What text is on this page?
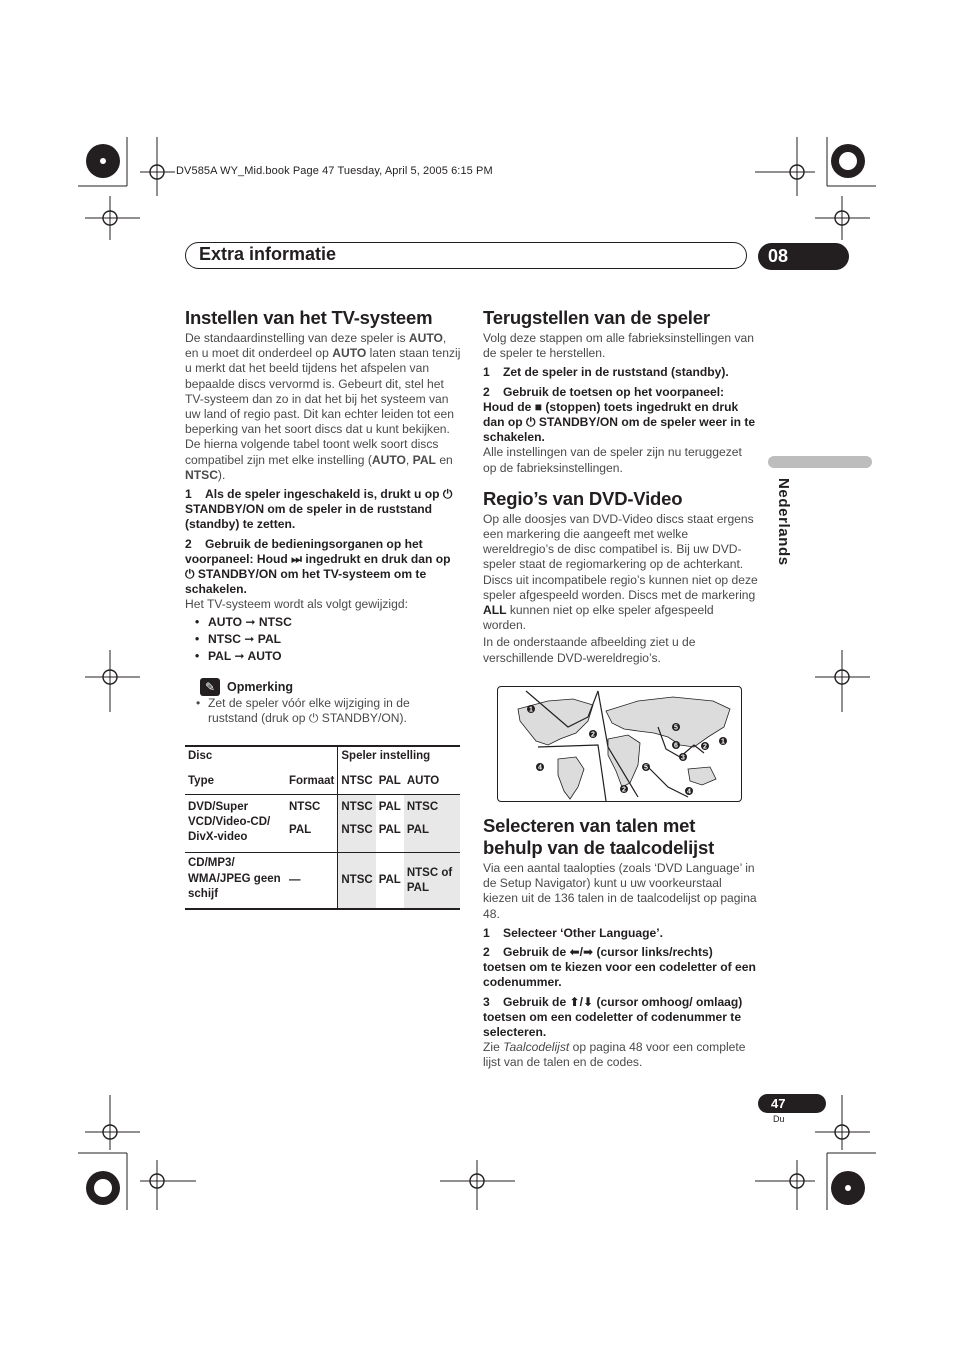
DV585A WY_Mid.book Page 47 Tuesday, April 5, 2005 6:15 PM
Extra informatie	08
Nederlands
Instellen van het TV-systeem

De standaardinstelling van deze speler is AUTO, en u moet dit onderdeel op AUTO laten staan tenzij u merkt dat het beeld tijdens het afspelen van bepaalde discs vervormd is. Gebeurt dit, stel het TV-systeem dan zo in dat het bij het systeem van uw land of regio past. Dit kan echter leiden tot een beperking van het soort discs dat u kunt bekijken. De hierna volgende tabel toont welk soort discs compatibel zijn met elke instelling (AUTO, PAL en NTSC).

1 Als de speler ingeschakeld is, drukt u op ⏻ STANDBY/ON om de speler in de ruststand (standby) te zetten.

2 Gebruik de bedieningsorganen op het voorpaneel: Houd ⏭ ingedrukt en druk dan op ⏻ STANDBY/ON om het TV-systeem om te schakelen.

Het TV-systeem wordt als volgt gewijzigd:

• AUTO ➞ NTSC
• NTSC ➞ PAL
• PAL ➞ AUTO
✎ Opmerking

• Zet de speler vóór elke wijziging in de ruststand (druk op ⏻ STANDBY/ON).

Disc		Speler instelling		
Type	Formaat	NTSC	PAL	AUTO
DVD/Super VCD/Video-CD/ DivX-video	NTSC	NTSC	PAL	NTSC
	PAL	NTSC	PAL	PAL
CD/MP3/ WMA/JPEG geen schijf	—	NTSC	PAL	NTSC of PAL
Terugstellen van de speler

Volg deze stappen om alle fabrieksinstellingen van de speler te herstellen.

1 Zet de speler in de ruststand (standby).

2 Gebruik de toetsen op het voorpaneel: Houd de ■ (stoppen) toets ingedrukt en druk dan op ⏻ STANDBY/ON om de speler weer in te schakelen.

Alle instellingen van de speler zijn nu teruggezet op de fabrieksinstellingen.

Regio’s van DVD-Video

Op alle doosjes van DVD-Video discs staat ergens een markering die aangeeft met welke wereldregio’s de disc compatibel is. Bij uw DVD-speler staat de regiomarkering op de achterkant. Discs uit incompatibele regio’s kunnen niet op deze speler afgespeeld worden. Discs met de markering ALL kunnen niet op elke speler afgespeeld worden.

In de onderstaande afbeelding ziet u de verschillende DVD-wereldregio’s.

1
1
2
2
2
3
4
4
5
5
6
Selecteren van talen met behulp van de taalcodelijst

Via een aantal taalopties (zoals ‘DVD Language’ in de Setup Navigator) kunt u uw voorkeurstaal kiezen uit de 136 talen in de taalcodelijst op pagina 48.

1 Selecteer ‘Other Language’.

2 Gebruik de ⬅/➡ (cursor links/rechts) toetsen om te kiezen voor een codeletter of een codenummer.

3 Gebruik de ⬆/⬇ (cursor omhoog/ omlaag) toetsen om een codeletter of codenummer te selecteren.

Zie Taalcodelijst op pagina 48 voor een complete lijst van de talen en de codes.

47
Du
